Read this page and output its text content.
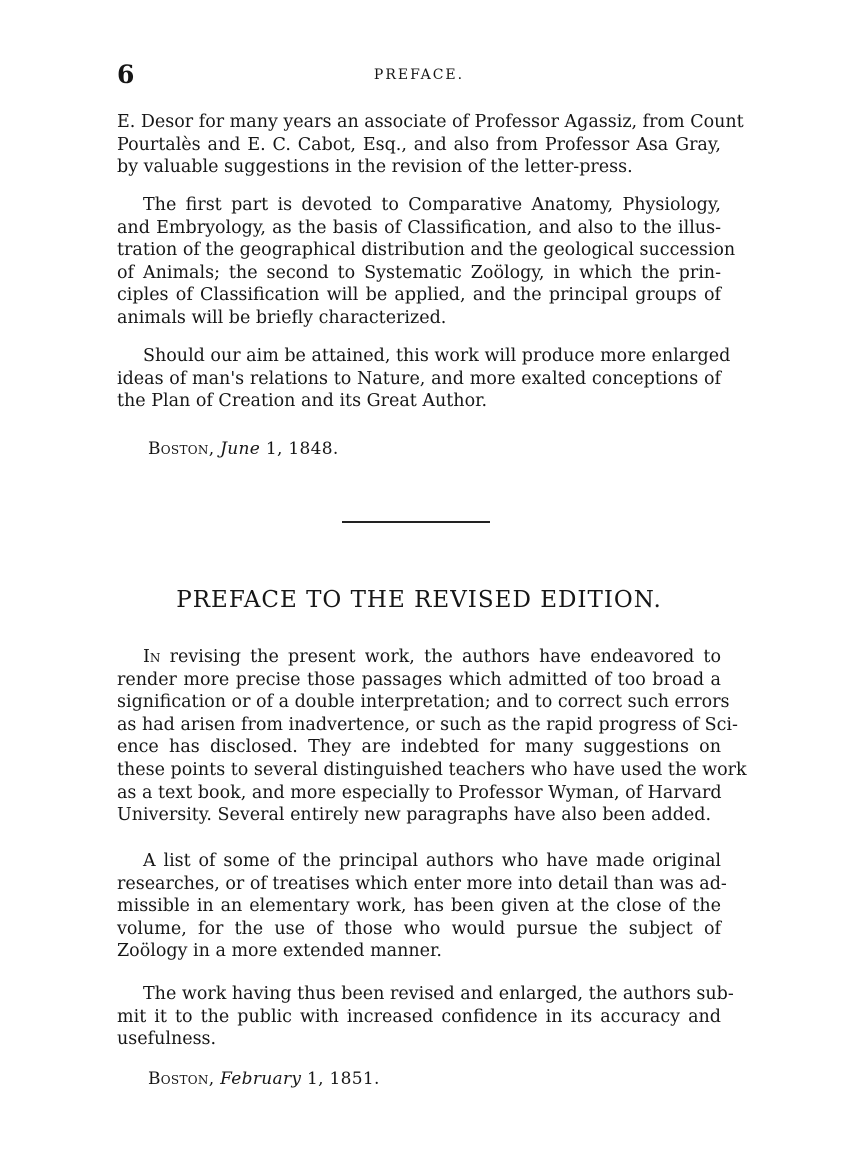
6	PREFACE.

E. Desor for many years an associate of Professor Agassiz, from Count
Pourtalès and E. C. Cabot, Esq., and also from Professor Asa Gray,
by valuable suggestions in the revision of the letter-press.

The first part is devoted to Comparative Anatomy, Physiology,
and Embryology, as the basis of Classification, and also to the illus-
tration of the geographical distribution and the geological succession
of Animals; the second to Systematic Zoölogy, in which the prin-
ciples of Classification will be applied, and the principal groups of
animals will be briefly characterized.

Should our aim be attained, this work will produce more enlarged
ideas of man's relations to Nature, and more exalted conceptions of
the Plan of Creation and its Great Author.

Boston, June 1, 1848.
PREFACE TO THE REVISED EDITION.

In revising the present work, the authors have endeavored to
render more precise those passages which admitted of too broad a
signification or of a double interpretation; and to correct such errors
as had arisen from inadvertence, or such as the rapid progress of Sci-
ence has disclosed. They are indebted for many suggestions on
these points to several distinguished teachers who have used the work
as a text book, and more especially to Professor Wyman, of Harvard
University. Several entirely new paragraphs have also been added.

A list of some of the principal authors who have made original
researches, or of treatises which enter more into detail than was ad-
missible in an elementary work, has been given at the close of the
volume, for the use of those who would pursue the subject of
Zoölogy in a more extended manner.

The work having thus been revised and enlarged, the authors sub-
mit it to the public with increased confidence in its accuracy and
usefulness.

Boston, February 1, 1851.
